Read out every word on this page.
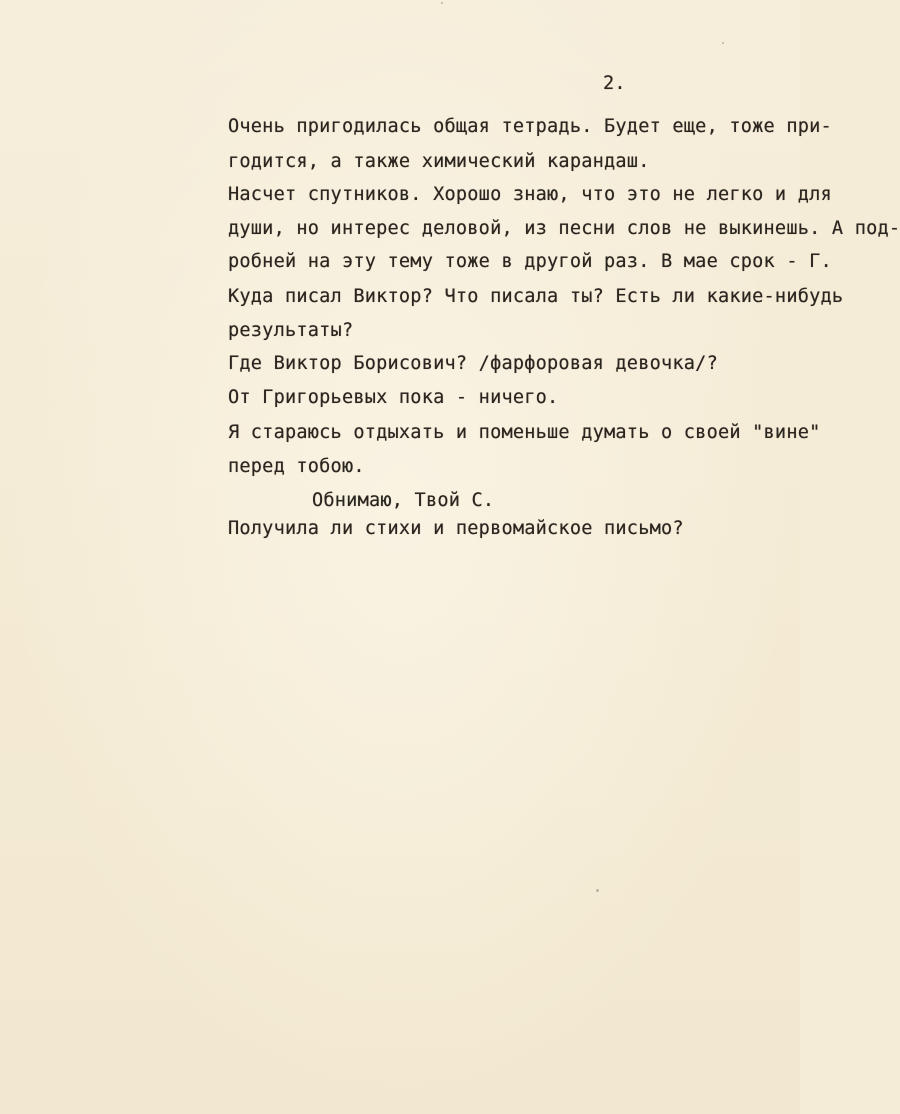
2.
Очень пригодилась общая тетрадь. Будет еще, тоже при-
годится, а также химический карандаш.
Насчет спутников. Хорошо знаю, что это не легко и для
души, но интерес деловой, из песни слов не выкинешь. А под-
робней на эту тему тоже в другой раз. В мае срок - Г.
Куда писал Виктор? Что писала ты? Есть ли какие-нибудь
результаты?
Где Виктор Борисович? /фарфоровая девочка/?
От Григорьевых пока - ничего.
Я стараюсь отдыхать и поменьше думать о своей "вине"
перед тобою.
Обнимаю, Твой С.
Получила ли стихи и первомайское письмо?
